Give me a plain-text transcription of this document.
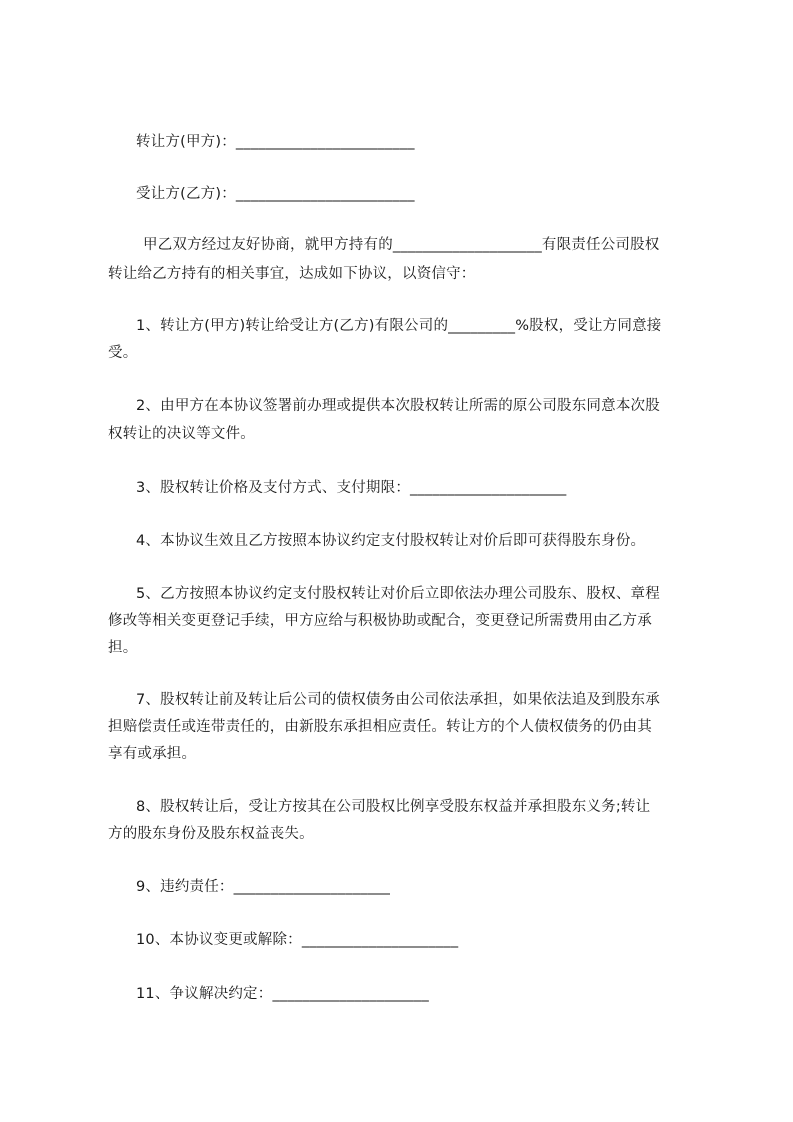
转让方(甲方)：________________________
受让方(乙方)：________________________
甲乙双方经过友好协商，就甲方持有的____________________有限责任公司股权
转让给乙方持有的相关事宜，达成如下协议，以资信守：
1、转让方(甲方)转让给受让方(乙方)有限公司的_________%股权，受让方同意接
受。
2、由甲方在本协议签署前办理或提供本次股权转让所需的原公司股东同意本次股
权转让的决议等文件。
3、股权转让价格及支付方式、支付期限：_____________________
4、本协议生效且乙方按照本协议约定支付股权转让对价后即可获得股东身份。
5、乙方按照本协议约定支付股权转让对价后立即依法办理公司股东、股权、章程
修改等相关变更登记手续，甲方应给与积极协助或配合，变更登记所需费用由乙方承
担。
7、股权转让前及转让后公司的债权债务由公司依法承担，如果依法追及到股东承
担赔偿责任或连带责任的，由新股东承担相应责任。转让方的个人债权债务的仍由其
享有或承担。
8、股权转让后，受让方按其在公司股权比例享受股东权益并承担股东义务;转让
方的股东身份及股东权益丧失。
9、违约责任：_____________________
10、本协议变更或解除：_____________________
11、争议解决约定：_____________________
